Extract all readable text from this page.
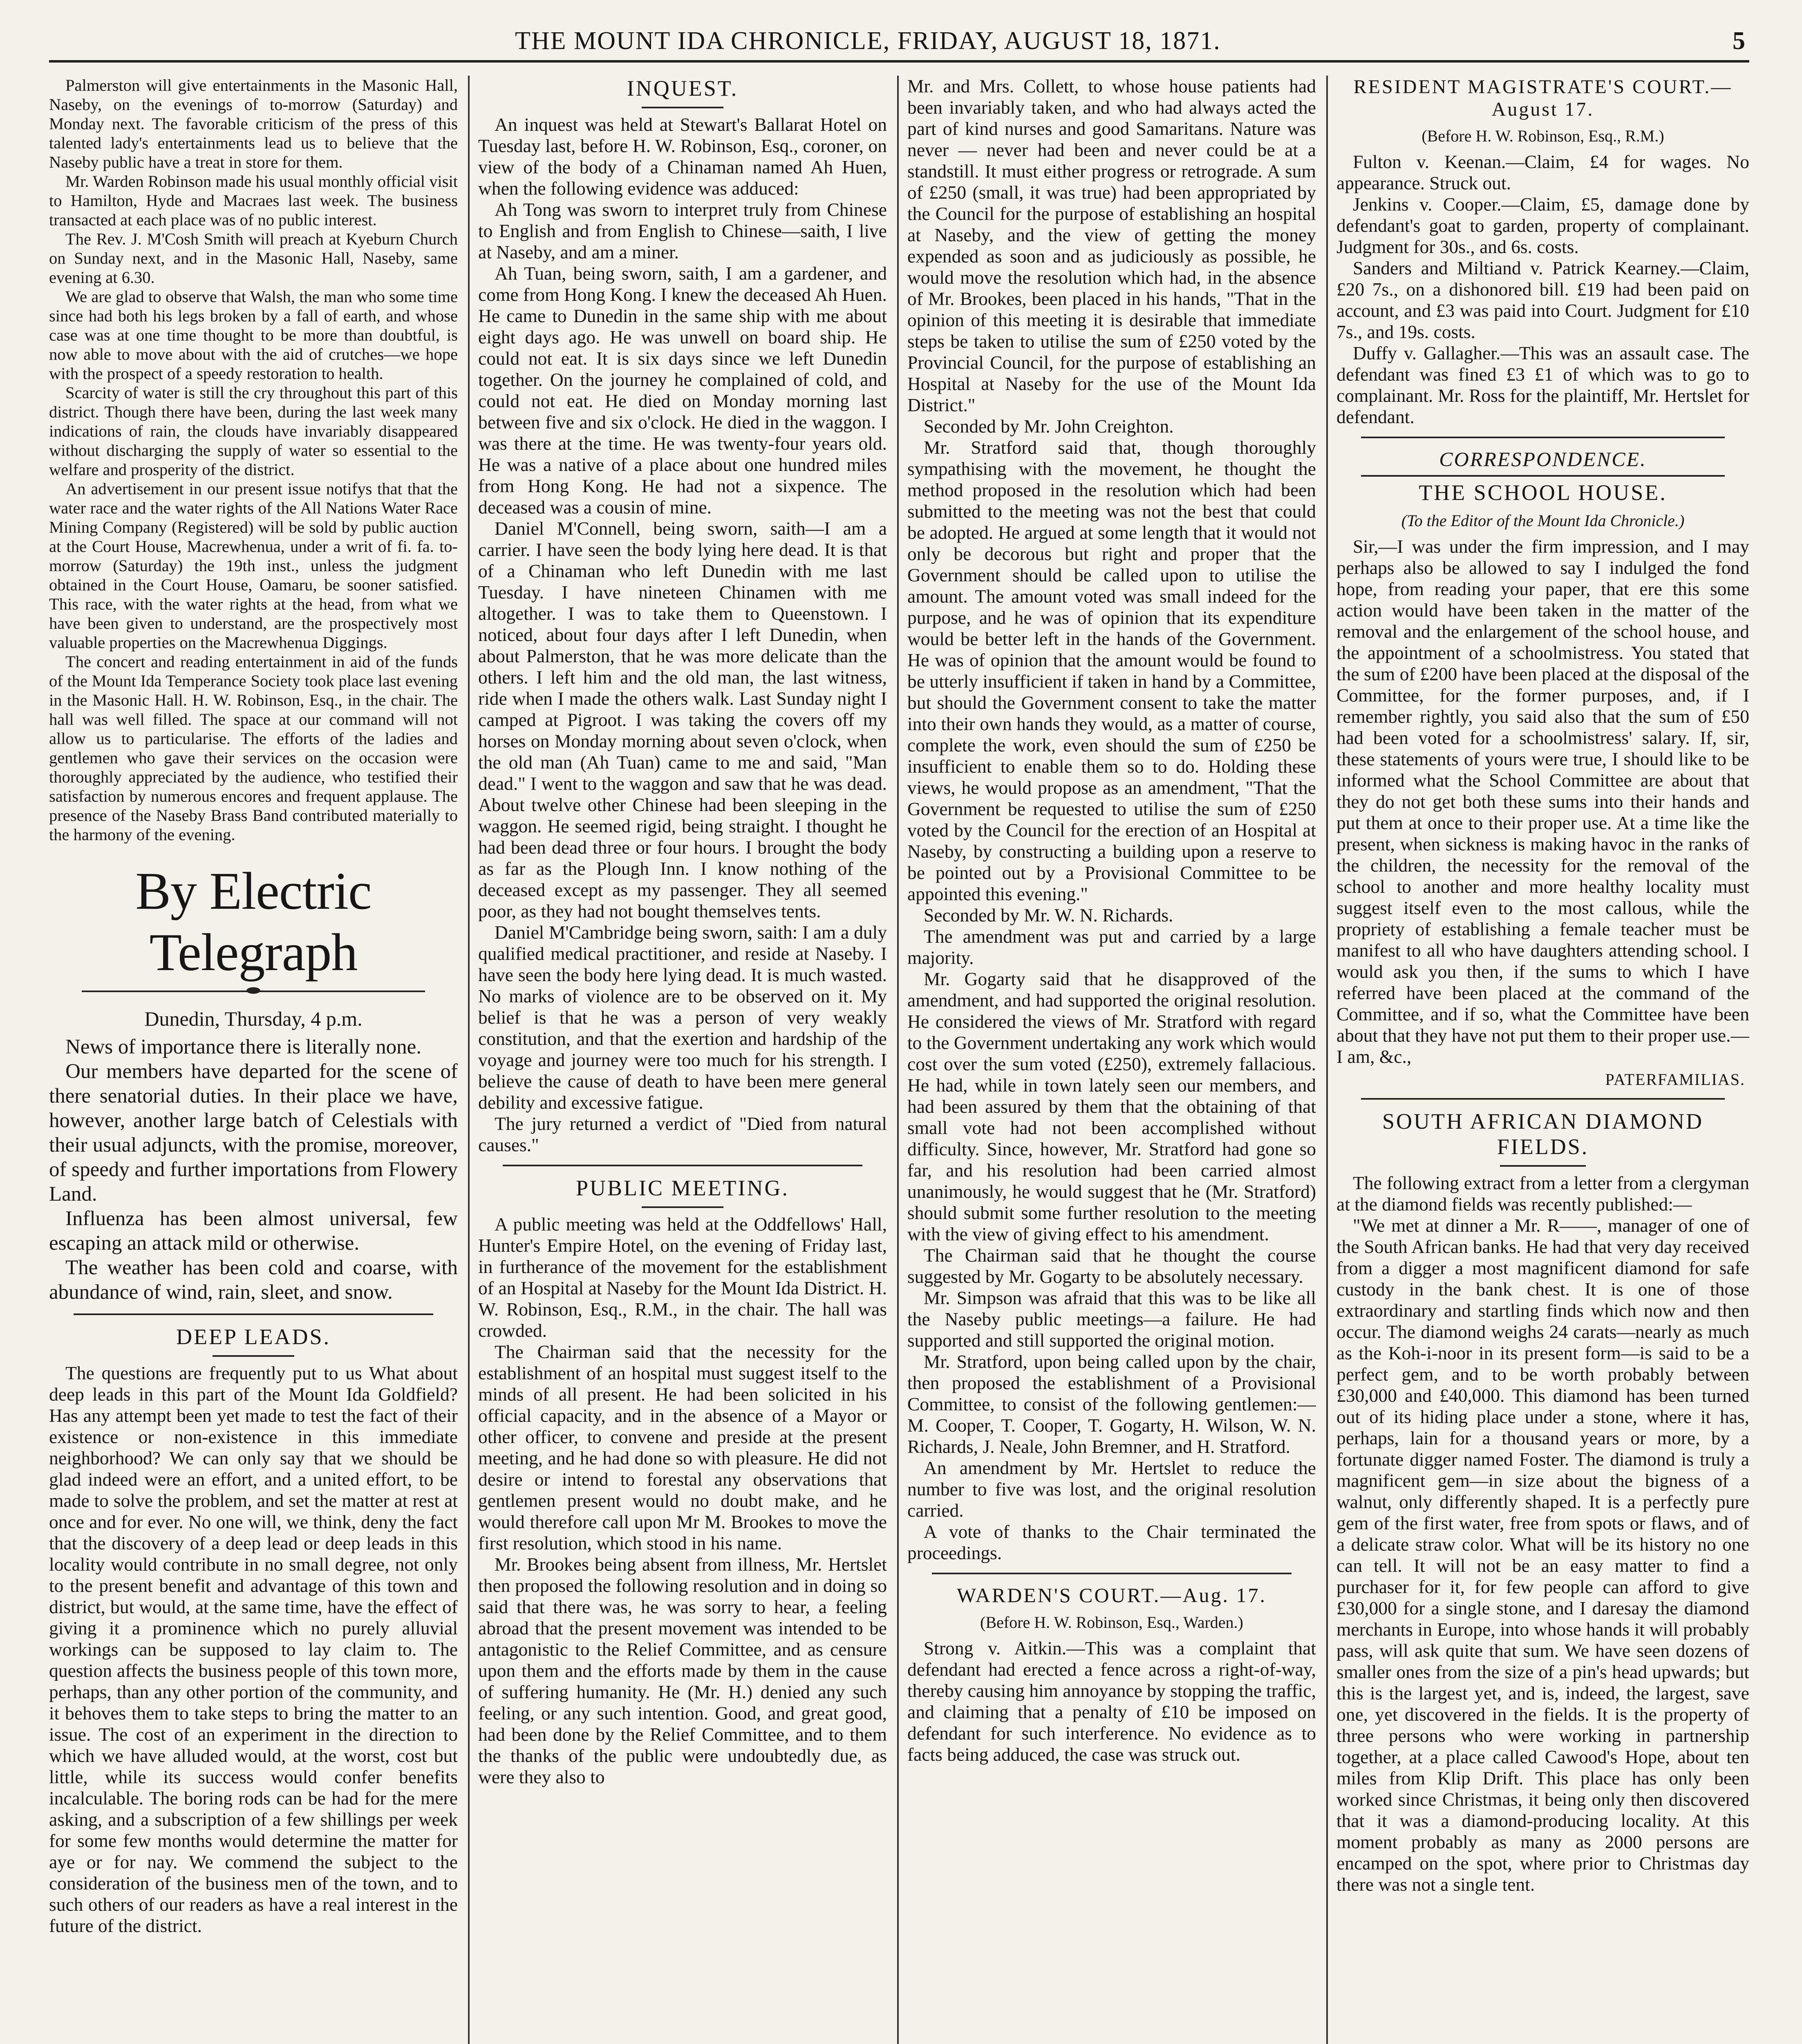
THE MOUNT IDA CHRONICLE, FRIDAY, AUGUST 18, 1871.	5

Palmerston will give entertainments in the Masonic Hall, Naseby, on the evenings of to-morrow (Saturday) and Monday next. The favorable criticism of the press of this talented lady's entertainments lead us to believe that the Naseby public have a treat in store for them.

Mr. Warden Robinson made his usual monthly official visit to Hamilton, Hyde and Macraes last week. The business transacted at each place was of no public interest.

The Rev. J. M'Cosh Smith will preach at Kyeburn Church on Sunday next, and in the Masonic Hall, Naseby, same evening at 6.30.

We are glad to observe that Walsh, the man who some time since had both his legs broken by a fall of earth, and whose case was at one time thought to be more than doubtful, is now able to move about with the aid of crutches—we hope with the prospect of a speedy restoration to health.

Scarcity of water is still the cry throughout this part of this district. Though there have been, during the last week many indications of rain, the clouds have invariably disappeared without discharging the supply of water so essential to the welfare and prosperity of the district.

An advertisement in our present issue notifys that that the water race and the water rights of the All Nations Water Race Mining Company (Registered) will be sold by public auction at the Court House, Macrewhenua, under a writ of fi. fa. to-morrow (Saturday) the 19th inst., unless the judgment obtained in the Court House, Oamaru, be sooner satisfied. This race, with the water rights at the head, from what we have been given to understand, are the prospectively most valuable properties on the Macrewhenua Diggings.

The concert and reading entertainment in aid of the funds of the Mount Ida Temperance Society took place last evening in the Masonic Hall. H. W. Robinson, Esq., in the chair. The hall was well filled. The space at our command will not allow us to particularise. The efforts of the ladies and gentlemen who gave their services on the occasion were thoroughly appreciated by the audience, who testified their satisfaction by numerous encores and frequent applause. The presence of the Naseby Brass Band contributed materially to the harmony of the evening.

By Electric Telegraph
Dunedin, Thursday, 4 p.m.

News of importance there is literally none.

Our members have departed for the scene of there senatorial duties. In their place we have, however, another large batch of Celestials with their usual adjuncts, with the promise, moreover, of speedy and further importations from Flowery Land.

Influenza has been almost universal, few escaping an attack mild or otherwise.

The weather has been cold and coarse, with abundance of wind, rain, sleet, and snow.

DEEP LEADS.

The questions are frequently put to us What about deep leads in this part of the Mount Ida Goldfield? Has any attempt been yet made to test the fact of their existence or non-existence in this immediate neighborhood? We can only say that we should be glad indeed were an effort, and a united effort, to be made to solve the problem, and set the matter at rest at once and for ever. No one will, we think, deny the fact that the discovery of a deep lead or deep leads in this locality would contribute in no small degree, not only to the present benefit and advantage of this town and district, but would, at the same time, have the effect of giving it a prominence which no purely alluvial workings can be supposed to lay claim to. The question affects the business people of this town more, perhaps, than any other portion of the community, and it behoves them to take steps to bring the matter to an issue. The cost of an experiment in the direction to which we have alluded would, at the worst, cost but little, while its success would confer benefits incalculable. The boring rods can be had for the mere asking, and a subscription of a few shillings per week for some few months would determine the matter for aye or for nay. We commend the subject to the consideration of the business men of the town, and to such others of our readers as have a real interest in the future of the district.

INQUEST.

An inquest was held at Stewart's Ballarat Hotel on Tuesday last, before H. W. Robinson, Esq., coroner, on view of the body of a Chinaman named Ah Huen, when the following evidence was adduced:

Ah Tong was sworn to interpret truly from Chinese to English and from English to Chinese—saith, I live at Naseby, and am a miner.

Ah Tuan, being sworn, saith, I am a gardener, and come from Hong Kong. I knew the deceased Ah Huen. He came to Dunedin in the same ship with me about eight days ago. He was unwell on board ship. He could not eat. It is six days since we left Dunedin together. On the journey he complained of cold, and could not eat. He died on Monday morning last between five and six o'clock. He died in the waggon. I was there at the time. He was twenty-four years old. He was a native of a place about one hundred miles from Hong Kong. He had not a sixpence. The deceased was a cousin of mine.

Daniel M'Connell, being sworn, saith—I am a carrier. I have seen the body lying here dead. It is that of a Chinaman who left Dunedin with me last Tuesday. I have nineteen Chinamen with me altogether. I was to take them to Queenstown. I noticed, about four days after I left Dunedin, when about Palmerston, that he was more delicate than the others. I left him and the old man, the last witness, ride when I made the others walk. Last Sunday night I camped at Pigroot. I was taking the covers off my horses on Monday morning about seven o'clock, when the old man (Ah Tuan) came to me and said, "Man dead." I went to the waggon and saw that he was dead. About twelve other Chinese had been sleeping in the waggon. He seemed rigid, being straight. I thought he had been dead three or four hours. I brought the body as far as the Plough Inn. I know nothing of the deceased except as my passenger. They all seemed poor, as they had not bought themselves tents.

Daniel M'Cambridge being sworn, saith: I am a duly qualified medical practitioner, and reside at Naseby. I have seen the body here lying dead. It is much wasted. No marks of violence are to be observed on it. My belief is that he was a person of very weakly constitution, and that the exertion and hardship of the voyage and journey were too much for his strength. I believe the cause of death to have been mere general debility and excessive fatigue.

The jury returned a verdict of "Died from natural causes."

PUBLIC MEETING.

A public meeting was held at the Oddfellows' Hall, Hunter's Empire Hotel, on the evening of Friday last, in furtherance of the movement for the establishment of an Hospital at Naseby for the Mount Ida District. H. W. Robinson, Esq., R.M., in the chair. The hall was crowded.

The Chairman said that the necessity for the establishment of an hospital must suggest itself to the minds of all present. He had been solicited in his official capacity, and in the absence of a Mayor or other officer, to convene and preside at the present meeting, and he had done so with pleasure. He did not desire or intend to forestal any observations that gentlemen present would no doubt make, and he would therefore call upon Mr M. Brookes to move the first resolution, which stood in his name.

Mr. Brookes being absent from illness, Mr. Hertslet then proposed the following resolution and in doing so said that there was, he was sorry to hear, a feeling abroad that the present movement was intended to be antagonistic to the Relief Committee, and as censure upon them and the efforts made by them in the cause of suffering humanity. He (Mr. H.) denied any such feeling, or any such intention. Good, and great good, had been done by the Relief Committee, and to them the thanks of the public were undoubtedly due, as were they also to

Mr. and Mrs. Collett, to whose house patients had been invariably taken, and who had always acted the part of kind nurses and good Samaritans. Nature was never — never had been and never could be at a standstill. It must either progress or retrograde. A sum of £250 (small, it was true) had been appropriated by the Council for the purpose of establishing an hospital at Naseby, and the view of getting the money expended as soon and as judiciously as possible, he would move the resolution which had, in the absence of Mr. Brookes, been placed in his hands, "That in the opinion of this meeting it is desirable that immediate steps be taken to utilise the sum of £250 voted by the Provincial Council, for the purpose of establishing an Hospital at Naseby for the use of the Mount Ida District."

Seconded by Mr. John Creighton.

Mr. Stratford said that, though thoroughly sympathising with the movement, he thought the method proposed in the resolution which had been submitted to the meeting was not the best that could be adopted. He argued at some length that it would not only be decorous but right and proper that the Government should be called upon to utilise the amount. The amount voted was small indeed for the purpose, and he was of opinion that its expenditure would be better left in the hands of the Government. He was of opinion that the amount would be found to be utterly insufficient if taken in hand by a Committee, but should the Government consent to take the matter into their own hands they would, as a matter of course, complete the work, even should the sum of £250 be insufficient to enable them so to do. Holding these views, he would propose as an amendment, "That the Government be requested to utilise the sum of £250 voted by the Council for the erection of an Hospital at Naseby, by constructing a building upon a reserve to be pointed out by a Provisional Committee to be appointed this evening."

Seconded by Mr. W. N. Richards.

The amendment was put and carried by a large majority.

Mr. Gogarty said that he disapproved of the amendment, and had supported the original resolution. He considered the views of Mr. Stratford with regard to the Government undertaking any work which would cost over the sum voted (£250), extremely fallacious. He had, while in town lately seen our members, and had been assured by them that the obtaining of that small vote had not been accomplished without difficulty. Since, however, Mr. Stratford had gone so far, and his resolution had been carried almost unanimously, he would suggest that he (Mr. Stratford) should submit some further resolution to the meeting with the view of giving effect to his amendment.

The Chairman said that he thought the course suggested by Mr. Gogarty to be absolutely necessary.

Mr. Simpson was afraid that this was to be like all the Naseby public meetings—a failure. He had supported and still supported the original motion.

Mr. Stratford, upon being called upon by the chair, then proposed the establishment of a Provisional Committee, to consist of the following gentlemen:—M. Cooper, T. Cooper, T. Gogarty, H. Wilson, W. N. Richards, J. Neale, John Bremner, and H. Stratford.

An amendment by Mr. Hertslet to reduce the number to five was lost, and the original resolution carried.

A vote of thanks to the Chair terminated the proceedings.

WARDEN'S COURT.—Aug. 17.
(Before H. W. Robinson, Esq., Warden.)

Strong v. Aitkin.—This was a complaint that defendant had erected a fence across a right-of-way, thereby causing him annoyance by stopping the traffic, and claiming that a penalty of £10 be imposed on defendant for such interference. No evidence as to facts being adduced, the case was struck out.

RESIDENT MAGISTRATE'S COURT.—August 17.
(Before H. W. Robinson, Esq., R.M.)

Fulton v. Keenan.—Claim, £4 for wages. No appearance. Struck out.

Jenkins v. Cooper.—Claim, £5, damage done by defendant's goat to garden, property of complainant. Judgment for 30s., and 6s. costs.

Sanders and Miltiand v. Patrick Kearney.—Claim, £20 7s., on a dishonored bill. £19 had been paid on account, and £3 was paid into Court. Judgment for £10 7s., and 19s. costs.

Duffy v. Gallagher.—This was an assault case. The defendant was fined £3 £1 of which was to go to complainant. Mr. Ross for the plaintiff, Mr. Hertslet for defendant.

CORRESPONDENCE.
THE SCHOOL HOUSE.
(To the Editor of the Mount Ida Chronicle.)

Sir,—I was under the firm impression, and I may perhaps also be allowed to say I indulged the fond hope, from reading your paper, that ere this some action would have been taken in the matter of the removal and the enlargement of the school house, and the appointment of a schoolmistress. You stated that the sum of £200 have been placed at the disposal of the Committee, for the former purposes, and, if I remember rightly, you said also that the sum of £50 had been voted for a schoolmistress' salary. If, sir, these statements of yours were true, I should like to be informed what the School Committee are about that they do not get both these sums into their hands and put them at once to their proper use. At a time like the present, when sickness is making havoc in the ranks of the children, the necessity for the removal of the school to another and more healthy locality must suggest itself even to the most callous, while the propriety of establishing a female teacher must be manifest to all who have daughters attending school. I would ask you then, if the sums to which I have referred have been placed at the command of the Committee, and if so, what the Committee have been about that they have not put them to their proper use.—I am, &c.,

PATERFAMILIAS.
SOUTH AFRICAN DIAMOND FIELDS.

The following extract from a letter from a clergyman at the diamond fields was recently published:—

"We met at dinner a Mr. R——, manager of one of the South African banks. He had that very day received from a digger a most magnificent diamond for safe custody in the bank chest. It is one of those extraordinary and startling finds which now and then occur. The diamond weighs 24 carats—nearly as much as the Koh-i-noor in its present form—is said to be a perfect gem, and to be worth probably between £30,000 and £40,000. This diamond has been turned out of its hiding place under a stone, where it has, perhaps, lain for a thousand years or more, by a fortunate digger named Foster. The diamond is truly a magnificent gem—in size about the bigness of a walnut, only differently shaped. It is a perfectly pure gem of the first water, free from spots or flaws, and of a delicate straw color. What will be its history no one can tell. It will not be an easy matter to find a purchaser for it, for few people can afford to give £30,000 for a single stone, and I daresay the diamond merchants in Europe, into whose hands it will probably pass, will ask quite that sum. We have seen dozens of smaller ones from the size of a pin's head upwards; but this is the largest yet, and is, indeed, the largest, save one, yet discovered in the fields. It is the property of three persons who were working in partnership together, at a place called Cawood's Hope, about ten miles from Klip Drift. This place has only been worked since Christmas, it being only then discovered that it was a diamond-producing locality. At this moment probably as many as 2000 persons are encamped on the spot, where prior to Christmas day there was not a single tent.
